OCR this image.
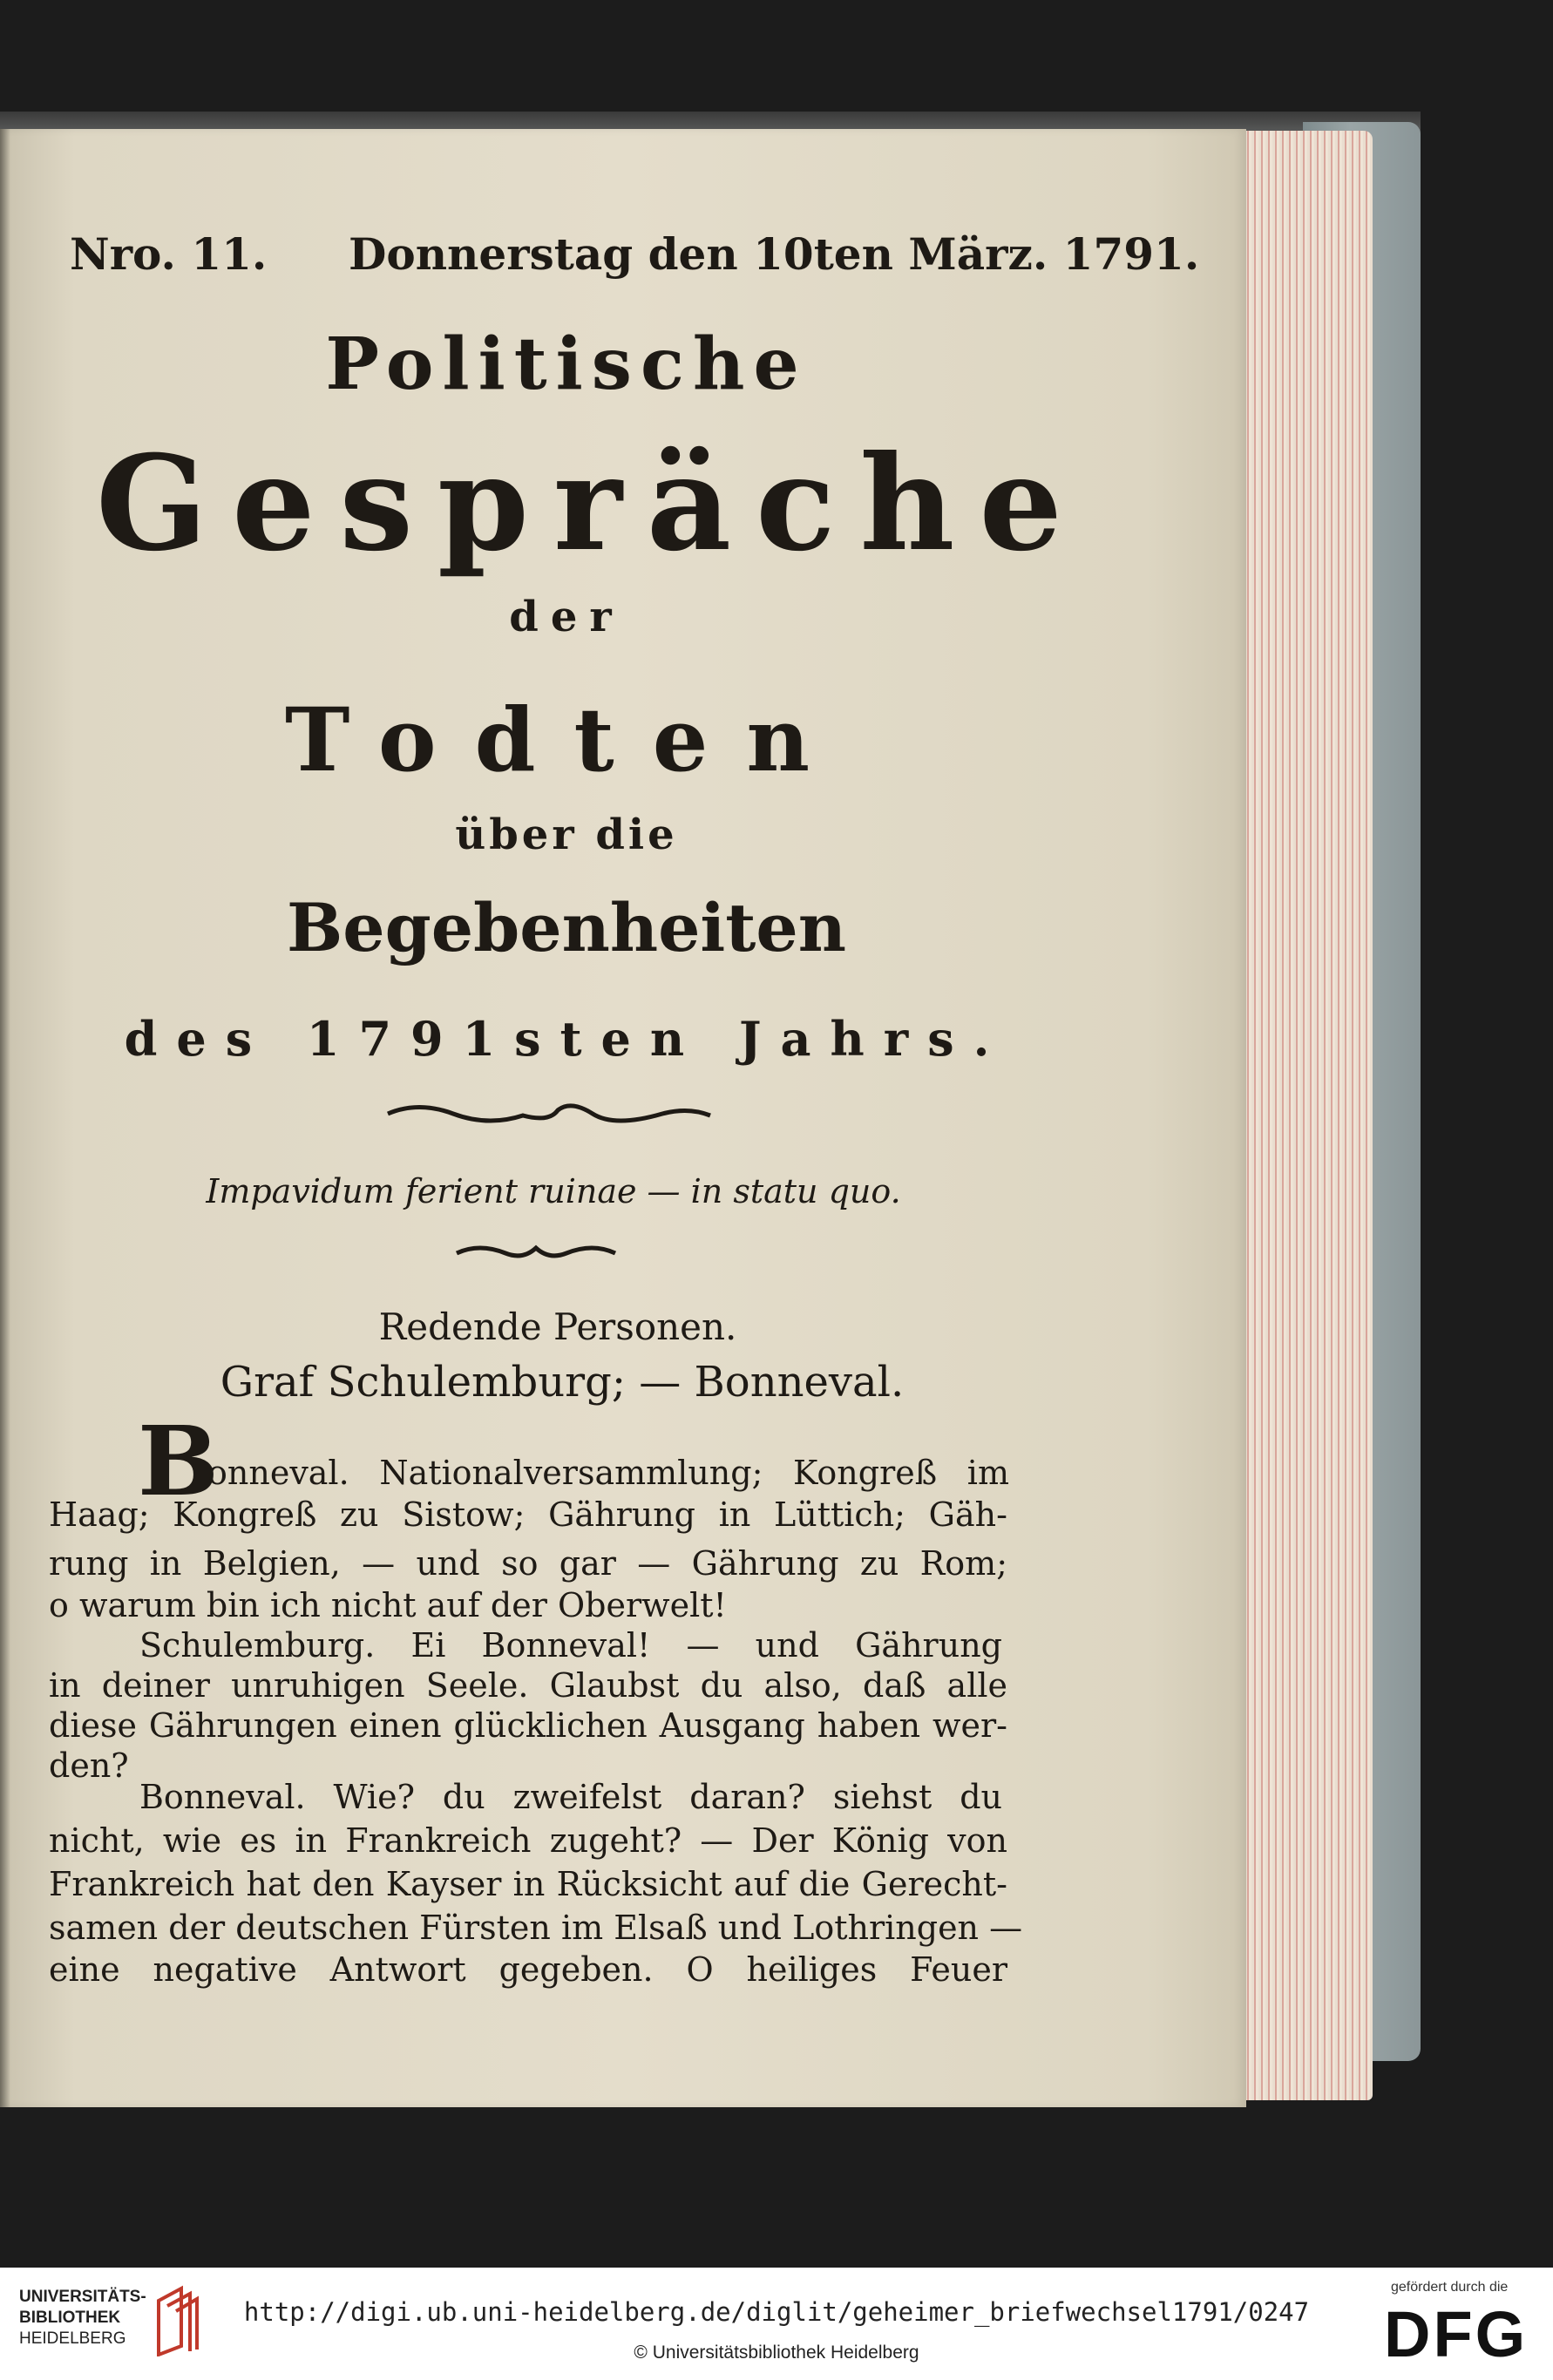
Nro. 11. Donnerstag den 10ten März. 1791.
Politische
Gespräche
der
Todten
über die
Begebenheiten
des 1791sten Jahrs.
Impavidum ferient ruinae — in statu quo.
Redende Personen.
Graf Schulemburg; — Bonneval.
B
onneval. Nationalversammlung; Kongreß im
Haag; Kongreß zu Sistow; Gährung in Lüttich; Gäh-
rung in Belgien, — und so gar — Gährung zu Rom;
o warum bin ich nicht auf der Oberwelt!
Schulemburg. Ei Bonneval! — und Gährung
in deiner unruhigen Seele. Glaubst du also, daß alle
diese Gährungen einen glücklichen Ausgang haben wer-
den?
Bonneval. Wie? du zweifelst daran? siehst du
nicht, wie es in Frankreich zugeht? — Der König von
Frankreich hat den Kayser in Rücksicht auf die Gerecht-
samen der deutschen Fürsten im Elsaß und Lothringen —
eine negative Antwort gegeben. O heiliges Feuer
UNIVERSITÄTS-
BIBLIOTHEK
HEIDELBERG
http://digi.ub.uni-heidelberg.de/diglit/geheimer_briefwechsel1791/0247
© Universitätsbibliothek Heidelberg
gefördert durch die
DFG
